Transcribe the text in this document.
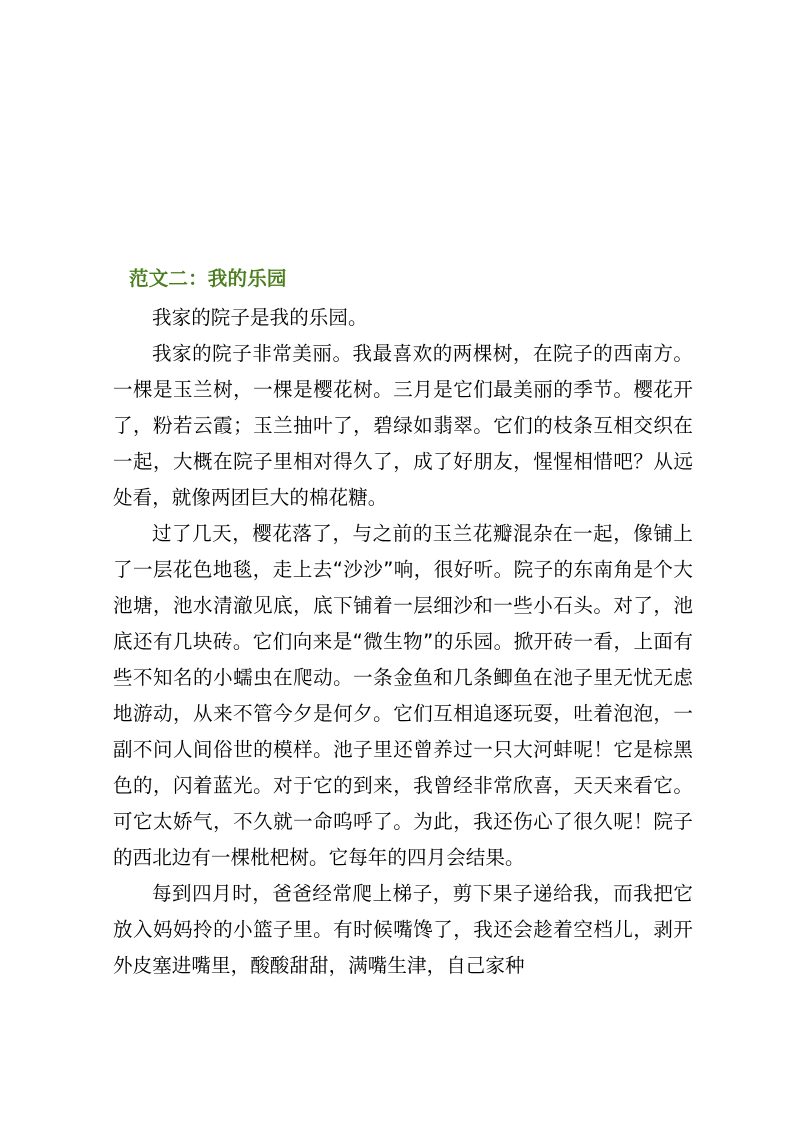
范文二：我的乐园

我家的院子是我的乐园。

我家的院子非常美丽。我最喜欢的两棵树，在院子的西南方。一棵是玉兰树，一棵是樱花树。三月是它们最美丽的季节。樱花开了，粉若云霞；玉兰抽叶了，碧绿如翡翠。它们的枝条互相交织在一起，大概在院子里相对得久了，成了好朋友，惺惺相惜吧？从远处看，就像两团巨大的棉花糖。

过了几天，樱花落了，与之前的玉兰花瓣混杂在一起，像铺上了一层花色地毯，走上去“沙沙”响，很好听。院子的东南角是个大池塘，池水清澈见底，底下铺着一层细沙和一些小石头。对了，池底还有几块砖。它们向来是“微生物”的乐园。掀开砖一看，上面有些不知名的小蠕虫在爬动。一条金鱼和几条鲫鱼在池子里无忧无虑地游动，从来不管今夕是何夕。它们互相追逐玩耍，吐着泡泡，一副不问人间俗世的模样。池子里还曾养过一只大河蚌呢！它是棕黑色的，闪着蓝光。对于它的到来，我曾经非常欣喜，天天来看它。可它太娇气，不久就一命呜呼了。为此，我还伤心了很久呢！院子的西北边有一棵枇杷树。它每年的四月会结果。

每到四月时，爸爸经常爬上梯子，剪下果子递给我，而我把它放入妈妈拎的小篮子里。有时候嘴馋了，我还会趁着空档儿，剥开外皮塞进嘴里，酸酸甜甜，满嘴生津，自己家种
